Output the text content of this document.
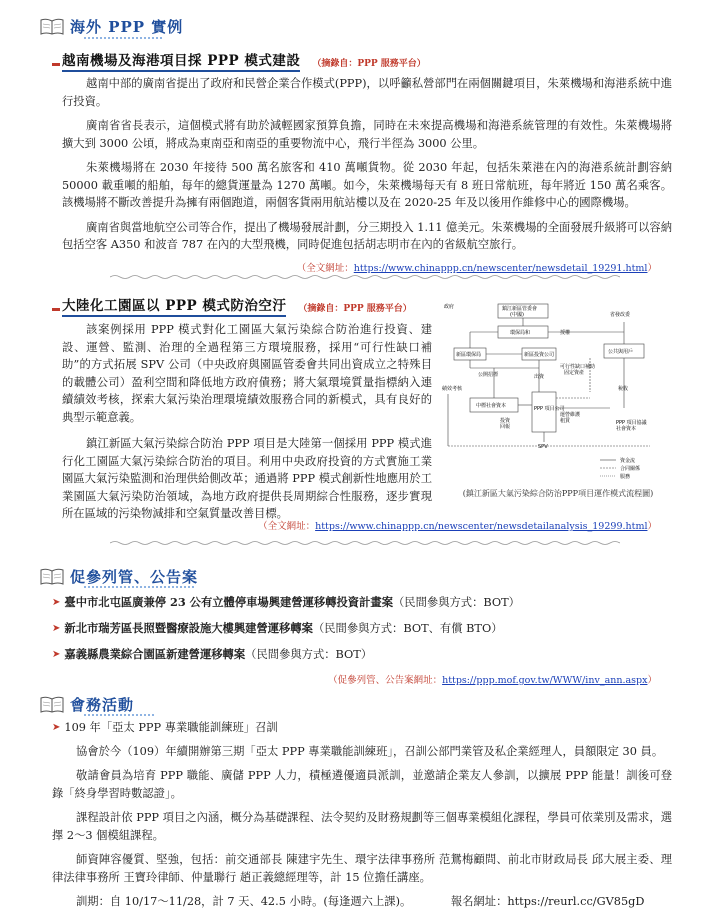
海外 PPP 實例
越南機場及海港項目採 PPP 模式建設 （摘錄自：PPP 服務平台）

越南中部的廣南省提出了政府和民營企業合作模式(PPP)，以呼籲私營部門在兩個關鍵項目，朱萊機場和海港系統中進行投資。

廣南省省長表示，這個模式將有助於減輕國家預算負擔，同時在未來提高機場和海港系統管理的有效性。朱萊機場將擴大到 3000 公頃，將成為東南亞和南亞的重要物流中心，飛行半徑為 3000 公里。

朱萊機場將在 2030 年接待 500 萬名旅客和 410 萬噸貨物。從 2030 年起，包括朱萊港在內的海港系統計劃容納 50000 載重噸的船舶，每年的總貨運量為 1270 萬噸。如今，朱萊機場每天有 8 班日常航班，每年將近 150 萬名乘客。該機場將不斷改善提升為擁有兩個跑道，兩個客貨兩用航站樓以及在 2020-25 年及以後用作維修中心的國際機場。

廣南省與當地航空公司等合作，提出了機場發展計劃，分三期投入 1.11 億美元。朱萊機場的全面發展升級將可以容納包括空客 A350 和波音 787 在內的大型飛機，同時促進包括胡志明市在內的省級航空旅行。

（全文網址：https://www.chinappp.cn/newscenter/newsdetail_19291.html）
大陸化工園區以 PPP 模式防治空汙 （摘錄自：PPP 服務平台）

該案例採用 PPP 模式對化工園區大氣污染綜合防治進行投資、建設、運營、監測、治理的全過程第三方環境服務，採用“可行性缺口補助”的方式拓展 SPV 公司（中央政府與園區管委會共同出資成立之特殊目的載體公司）盈利空間和降低地方政府債務；將大氣環境質量指標納入連續績效考核，探索大氣污染治理環境績效服務合同的新模式，具有良好的典型示範意義。

鎮江新區大氣污染綜合防治 PPP 項目是大陸第一個採用 PPP 模式進行化工園區大氣污染綜合防治的項目。利用中央政府投資的方式實施工業園區大氣污染監測和治理供給側改革；通過將 PPP 模式創新性地應用於工業園區大氣污染防治領域，為地方政府提供長周期綜合性服務，逐步實現所在區域的污染物減排和空氣質量改善目標。

政府	鎮江新區管委會
(中國)
環保局和	授權
新區環保局	新區投資公司
公開招標
可行性缺口補助
固定資產
出資
績效考核
中標社會資本	PPP 項目公司
SPV
投資
回報
運營維護
租賃
省發改委
公共與用戶
稅收
PPP 項目協議
社會資本
資金流
合同關係
服務
(鎮江新區大氣污染綜合防治PPP項目運作模式流程圖)
（全文網址：https://www.chinappp.cn/newscenter/newsdetailanalysis_19299.html）
促參列管、公告案
➤ 臺中市北屯區廣兼停 23 公有立體停車場興建營運移轉投資計畫案 （民間參與方式：BOT）
➤ 新北市瑞芳區長照暨醫療設施大樓興建營運移轉案 （民間參與方式：BOT、有償 BTO）
➤ 嘉義縣農業綜合園區新建營運移轉案 （民間參與方式：BOT）
（促參列管、公告案網址：https://ppp.mof.gov.tw/WWW/inv_ann.aspx）
會務活動
➤ 109 年「亞太 PPP 專業職能訓練班」召訓

協會於今（109）年續開辦第三期「亞太 PPP 專業職能訓練班」，召訓公部門業管及私企業經理人，員額限定 30 員。

敬請會員為培育 PPP 職能、廣儲 PPP 人力，積極遴優適員派訓，並邀請企業友人參訓，以擴展 PPP 能量！訓後可登錄「終身學習時數認證」。

課程設計依 PPP 項目之內涵，概分為基礎課程、法令契約及財務規劃等三個專業模組化課程，學員可依業別及需求，選擇 2～3 個模組課程。

師資陣容優質、堅強，包括：前交通部長 陳建宇先生、環宇法律事務所 范鴛梅顧問、前北市財政局長 邱大展主委、理律法律事務所 王寶玲律師、仲量聯行 趙正義總經理等，計 15 位擔任講座。

訓期：自 10/17～11/28，計 7 天、42.5 小時。(每逢週六上課)。	報名網址：https://reurl.cc/GV85gD
